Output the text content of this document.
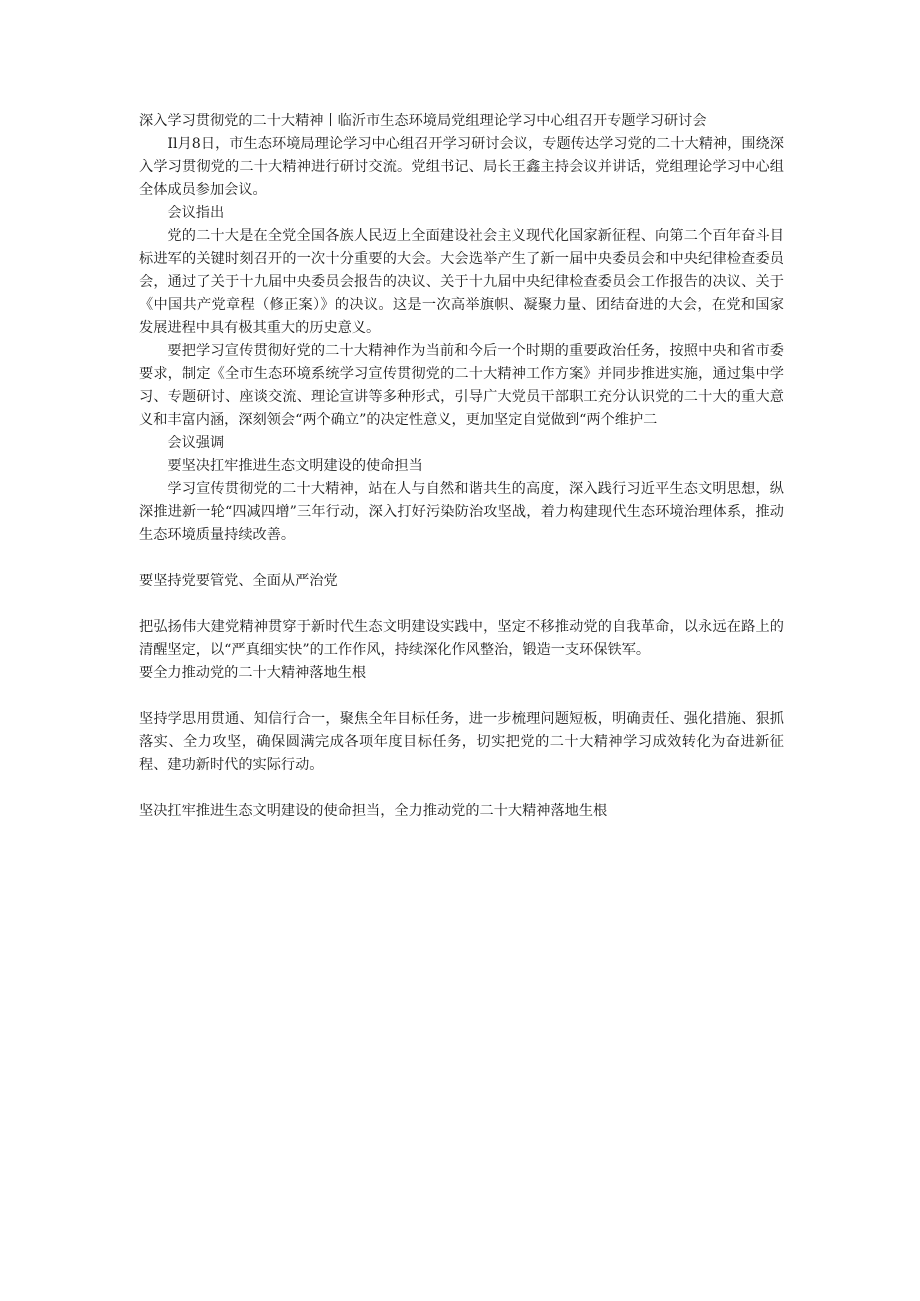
深入学习贯彻党的二十大精神丨临沂市生态环境局党组理论学习中心组召开专题学习研讨会

Il月8日，市生态环境局理论学习中心组召开学习研讨会议，专题传达学习党的二十大精神，围绕深入学习贯彻党的二十大精神进行研讨交流。党组书记、局长王鑫主持会议并讲话，党组理论学习中心组全体成员参加会议。

会议指出

党的二十大是在全党全国各族人民迈上全面建设社会主义现代化国家新征程、向第二个百年奋斗目标进军的关键时刻召开的一次十分重要的大会。大会选举产生了新一届中央委员会和中央纪律检查委员会，通过了关于十九届中央委员会报告的决议、关于十九届中央纪律检查委员会工作报告的决议、关于《中国共产党章程（修正案）》的决议。这是一次高举旗帜、凝聚力量、团结奋进的大会，在党和国家发展进程中具有极其重大的历史意义。

要把学习宣传贯彻好党的二十大精神作为当前和今后一个时期的重要政治任务，按照中央和省市委要求，制定《全市生态环境系统学习宣传贯彻党的二十大精神工作方案》并同步推进实施，通过集中学习、专题研讨、座谈交流、理论宣讲等多种形式，引导广大党员干部职工充分认识党的二十大的重大意义和丰富内涵，深刻领会“两个确立”的决定性意义，更加坚定自觉做到“两个维护二

会议强调

要坚决扛牢推进生态文明建设的使命担当

学习宣传贯彻党的二十大精神，站在人与自然和谐共生的高度，深入践行习近平生态文明思想，纵深推进新一轮“四减四增”三年行动，深入打好污染防治攻坚战，着力构建现代生态环境治理体系，推动生态环境质量持续改善。

要坚持党要管党、全面从严治党

把弘扬伟大建党精神贯穿于新时代生态文明建设实践中，坚定不移推动党的自我革命，以永远在路上的清醒坚定，以“严真细实快”的工作作风，持续深化作风整治，锻造一支环保铁军。

要全力推动党的二十大精神落地生根

坚持学思用贯通、知信行合一，聚焦全年目标任务，进一步梳理问题短板，明确责任、强化措施、狠抓落实、全力攻坚，确保圆满完成各项年度目标任务，切实把党的二十大精神学习成效转化为奋进新征程、建功新时代的实际行动。

坚决扛牢推进生态文明建设的使命担当，全力推动党的二十大精神落地生根
